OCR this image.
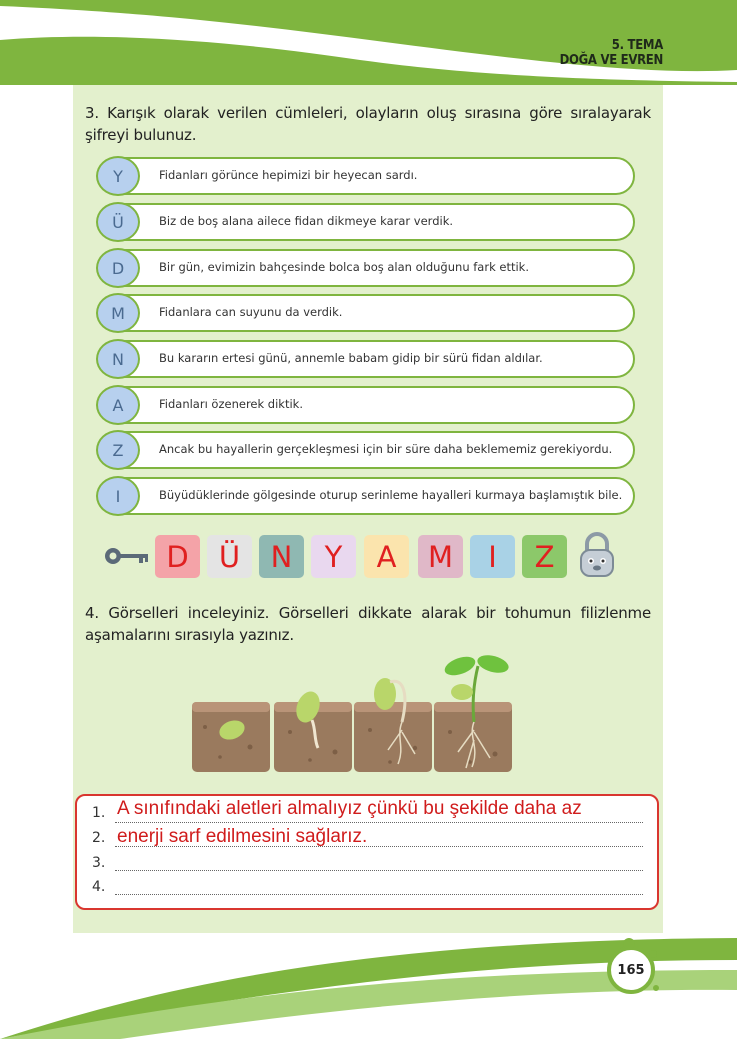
5. TEMA
DOĞA VE EVREN
3. Karışık olarak verilen cümleleri, olayların oluş sırasına göre sıralayarak şifreyi bulunuz.
Y	Fidanları görünce hepimizi bir heyecan sardı.
Ü	Biz de boş alana ailece fidan dikmeye karar verdik.
D	Bir gün, evimizin bahçesinde bolca boş alan olduğunu fark ettik.
M	Fidanlara can suyunu da verdik.
N	Bu kararın ertesi günü, annemle babam gidip bir sürü fidan aldılar.
A	Fidanları özenerek diktik.
Z	Ancak bu hayallerin gerçekleşmesi için bir süre daha beklememiz gerekiyordu.
I	Büyüdüklerinde gölgesinde oturup serinleme hayalleri kurmaya başlamıştık bile.
D	Ü	N	Y	A	M	I	Z
4. Görselleri inceleyiniz. Görselleri dikkate alarak bir tohumun filizlenme aşamalarını sırasıyla yazınız.
1.
2.
3.
4.
A sınıfındaki aletleri almalıyız çünkü bu şekilde daha az
enerji sarf edilmesini sağlarız.
165
